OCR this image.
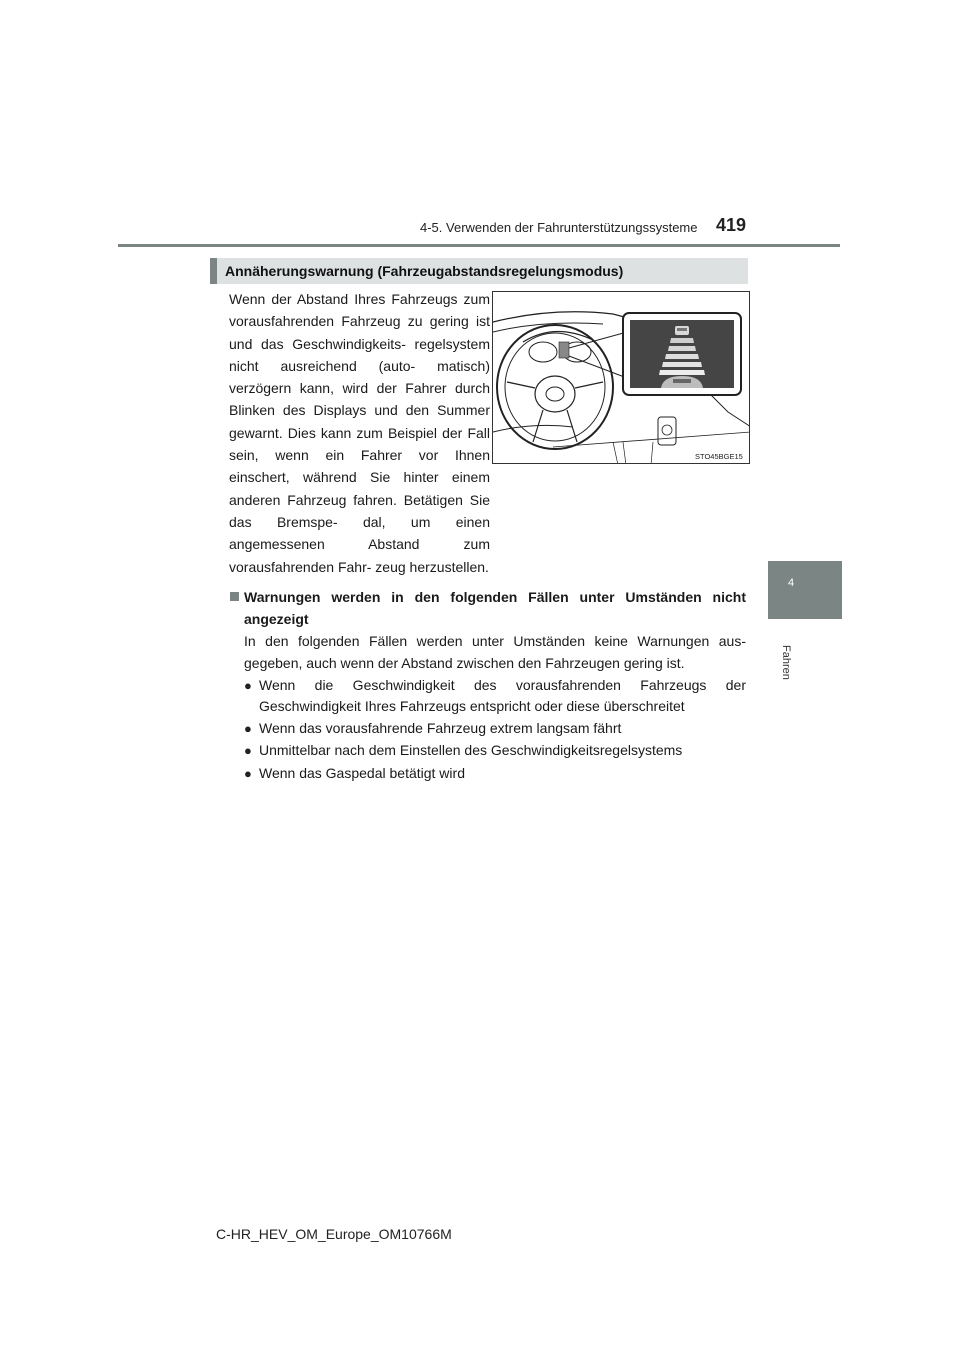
4-5. Verwenden der Fahrunterstützungssysteme 419
4
Fahren
Annäherungswarnung (Fahrzeugabstandsregelungsmodus)
Wenn der Abstand Ihres Fahrzeugs zum vorausfahrenden Fahrzeug zu gering ist und das Geschwindigkeits- regelsystem nicht ausreichend (auto- matisch) verzögern kann, wird der Fahrer durch Blinken des Displays und den Summer gewarnt. Dies kann zum Beispiel der Fall sein, wenn ein Fahrer vor Ihnen einschert, während Sie hinter einem anderen Fahrzeug fahren. Betätigen Sie das Bremspe- dal, um einen angemessenen Abstand zum vorausfahrenden Fahr- zeug herzustellen.
STO45BGE15
Warnungen werden in den folgenden Fällen unter Umständen nicht angezeigt
In den folgenden Fällen werden unter Umständen keine Warnungen aus- gegeben, auch wenn der Abstand zwischen den Fahrzeugen gering ist.
● Wenn die Geschwindigkeit des vorausfahrenden Fahrzeugs der Geschwindigkeit Ihres Fahrzeugs entspricht oder diese überschreitet
● Wenn das vorausfahrende Fahrzeug extrem langsam fährt
● Unmittelbar nach dem Einstellen des Geschwindigkeitsregelsystems
● Wenn das Gaspedal betätigt wird
C-HR_HEV_OM_Europe_OM10766M
